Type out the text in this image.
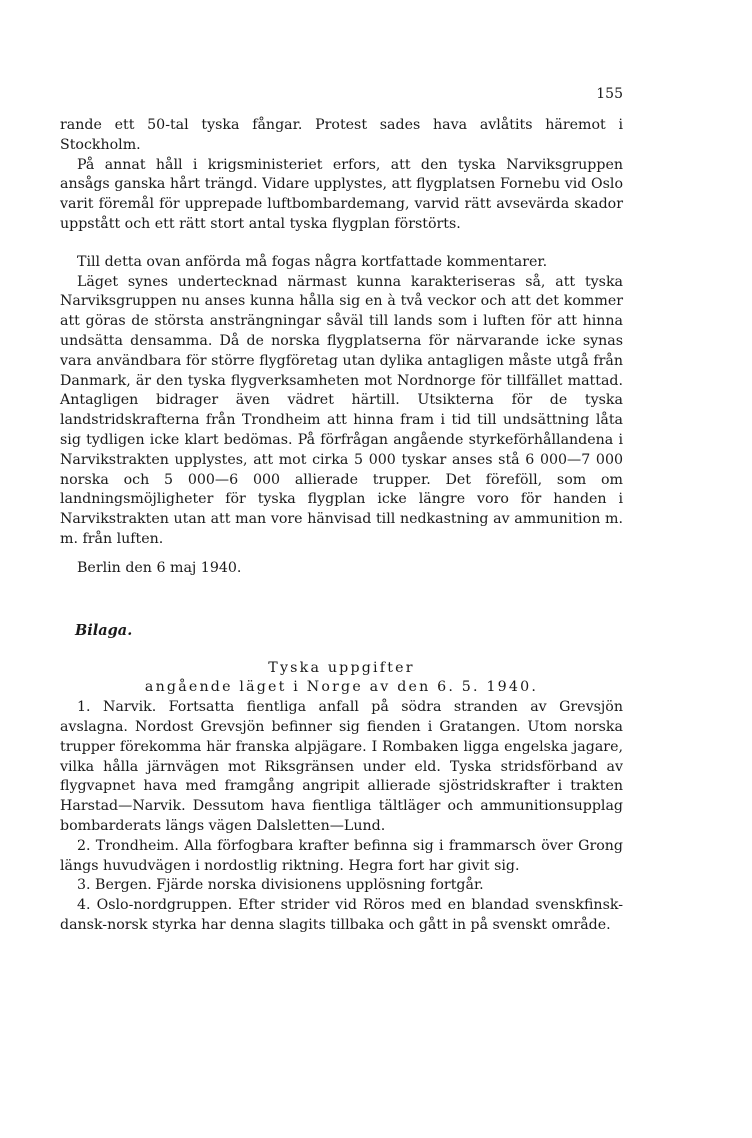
155

rande ett 50-tal tyska fångar. Protest sades hava avlåtits häremot i Stockholm.

På annat håll i krigsministeriet erfors, att den tyska Narviksgruppen ansågs ganska hårt trängd. Vidare upplystes, att flygplatsen Fornebu vid Oslo varit föremål för upprepade luftbombardemang, varvid rätt avsevärda skador uppstått och ett rätt stort antal tyska flygplan förstörts.

Till detta ovan anförda må fogas några kortfattade kommentarer.

Läget synes undertecknad närmast kunna karakteriseras så, att tyska Narviksgruppen nu anses kunna hålla sig en à två veckor och att det kommer att göras de största ansträngningar såväl till lands som i luften för att hinna undsätta densamma. Då de norska flygplatserna för närvarande icke synas vara användbara för större flygföretag utan dylika antagligen måste utgå från Danmark, är den tyska flygverksamheten mot Nordnorge för tillfället mattad. Antagligen bidrager även vädret härtill. Utsikterna för de tyska landstridskrafterna från Trondheim att hinna fram i tid till undsättning låta sig tydligen icke klart bedömas. På förfrågan angående styrkeförhållandena i Narvikstrakten upplystes, att mot cirka 5 000 tyskar anses stå 6 000—7 000 norska och 5 000—6 000 allierade trupper. Det föreföll, som om landningsmöjligheter för tyska flygplan icke längre voro för handen i Narvikstrakten utan att man vore hänvisad till nedkastning av ammunition m. m. från luften.

Berlin den 6 maj 1940.

Bilaga.

Tyska uppgifter

angående läget i Norge av den 6. 5. 1940.

1. Narvik. Fortsatta fientliga anfall på södra stranden av Grevsjön avslagna. Nordost Grevsjön befinner sig fienden i Gratangen. Utom norska trupper förekomma här franska alpjägare. I Rombaken ligga engelska jagare, vilka hålla järnvägen mot Riksgränsen under eld. Tyska stridsförband av flygvapnet hava med framgång angripit allierade sjöstridskrafter i trakten Harstad—Narvik. Dessutom hava fientliga tältläger och ammunitionsupplag bombarderats längs vägen Dalsletten—Lund.

2. Trondheim. Alla förfogbara krafter befinna sig i frammarsch över Grong längs huvudvägen i nordostlig riktning. Hegra fort har givit sig.

3. Bergen. Fjärde norska divisionens upplösning fortgår.

4. Oslo-nordgruppen. Efter strider vid Röros med en blandad svenskfinsk-dansk-norsk styrka har denna slagits tillbaka och gått in på svenskt område.
